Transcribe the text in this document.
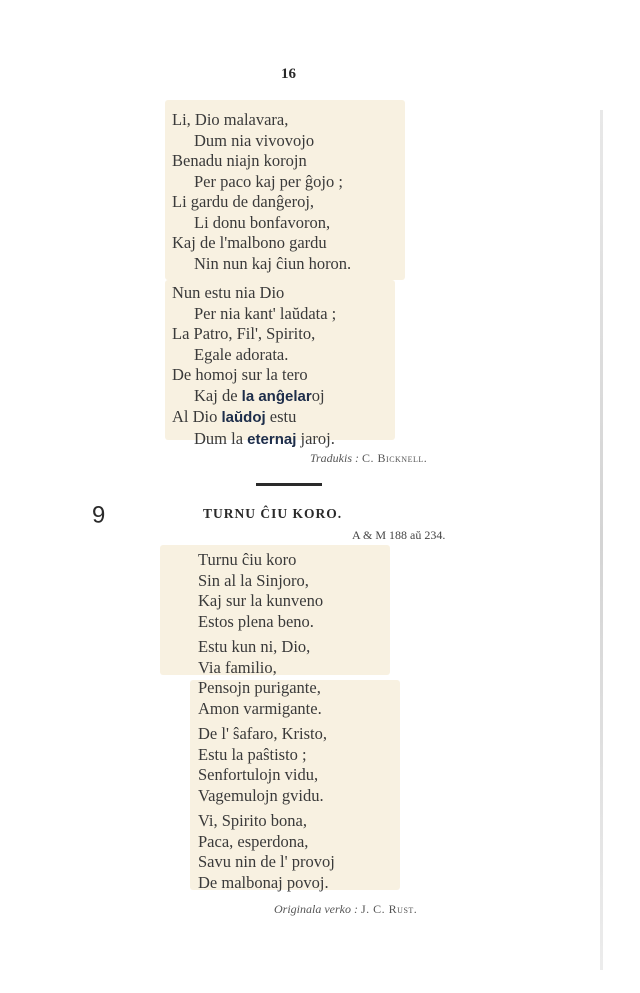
16
Li, Dio malavara,
Dum nia vivovojo
Benadu niajn korojn
Per paco kaj per ĝojo ;
Li gardu de danĝeroj,
Li donu bonfavoron,
Kaj de l'malbono gardu
Nin nun kaj ĉiun horon.
Nun estu nia Dio
Per nia kant' laŭdata ;
La Patro, Fil', Spirito,
Egale adorata.
De homoj sur la tero
Kaj de la anĝelaroj
Al Dio laŭdoj estu
Dum la eternaj jaroj.
Tradukis : C. Bicknell.
6	TURNU ĈIU KORO.
A & M 188 aŭ 234.
Turnu ĉiu koro
Sin al la Sinjoro,
Kaj sur la kunveno
Estos plena beno.
Estu kun ni, Dio,
Via familio,
Pensojn purigante,
Amon varmigante.
De l' ŝafaro, Kristo,
Estu la paŝtisto ;
Senfortulojn vidu,
Vagemulojn gvidu.
Vi, Spirito bona,
Paca, esperdona,
Savu nin de l' provoj
De malbonaj povoj.
Originala verko : J. C. Rust.
